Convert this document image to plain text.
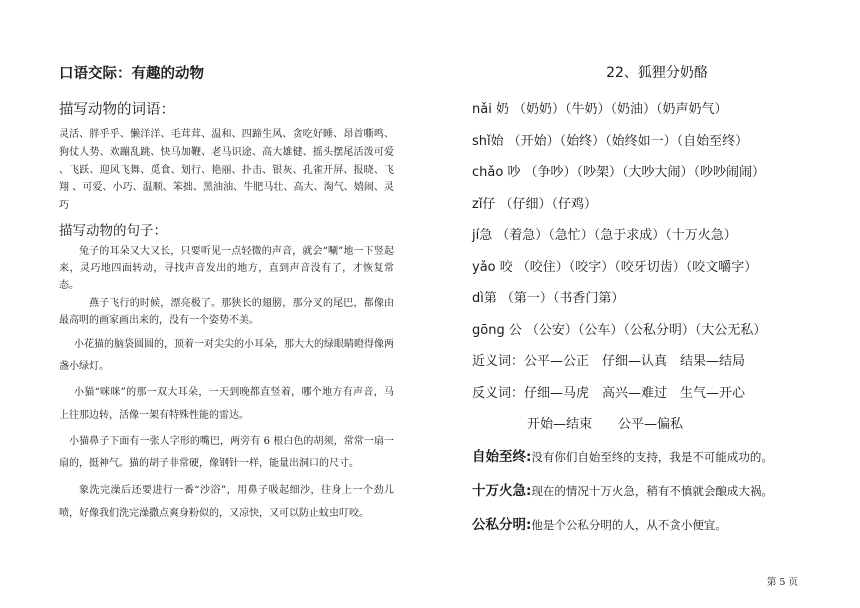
口语交际：有趣的动物
描写动物的词语：

灵活、胖乎乎、懒洋洋、毛茸茸、温和、四蹄生风、贪吃好睡、昂首嘶鸣、狗仗人势、欢蹦乱跳、快马加鞭、老马识途、高大雄健、摇头摆尾活泼可爱 、飞跃、迎风飞舞、觅食、划行、艳丽、扑击、银灰、孔雀开屏、报晓、飞翔 、可爱、小巧、温顺、笨拙、黑油油、牛肥马壮、高大、淘气、嬉闹、灵巧

描写动物的句子：

兔子的耳朵又大又长，只要听见一点轻微的声音，就会“唰”地一下竖起来，灵巧地四面转动，寻找声音发出的地方，直到声音没有了，才恢复常态。

燕子飞行的时候，漂亮极了。那狭长的翅膀，那分叉的尾巴，都像由最高明的画家画出来的，没有一个姿势不美。

小花猫的脑袋圆圆的，顶着一对尖尖的小耳朵，那大大的绿眼睛瞪得像两盏小绿灯。

小猫“咪咪”的那一双大耳朵，一天到晚都直竖着，哪个地方有声音，马上往那边转，活像一架有特殊性能的雷达。

小猫鼻子下面有一张人字形的嘴巴，两旁有 6 根白色的胡须，常常一扇一扇的，挺神气。猫的胡子非常硬，像钢针一样，能量出洞口的尺寸。

象洗完澡后还要进行一番“沙浴”，用鼻子吸起细沙，往身上一个劲儿喷，好像我们洗完澡撒点爽身粉似的，又凉快，又可以防止蚊虫叮咬。

22、狐狸分奶酪
nǎi 奶 （奶奶）（牛奶）（奶油）（奶声奶气）
shǐ始 （开始）（始终）（始终如一）（自始至终）
chǎo 吵 （争吵）（吵架）（大吵大闹）（吵吵闹闹）
zǐ仔 （仔细）（仔鸡）
jí急 （着急）（急忙）（急于求成）（十万火急）
yǎo 咬 （咬住）（咬字）（咬牙切齿）（咬文嚼字）
dì第 （第一）（书香门第）
gōng 公 （公安）（公车）（公私分明）（大公无私）
近义词：公平—公正　仔细—认真　结果—结局
反义词：仔细—马虎　高兴—难过　生气—开心
开始—结束　　公平—偏私
自始至终:没有你们自始至终的支持，我是不可能成功的。
十万火急:现在的情况十万火急，稍有不慎就会酿成大祸。
公私分明:他是个公私分明的人，从不贪小便宜。
第 5 页
